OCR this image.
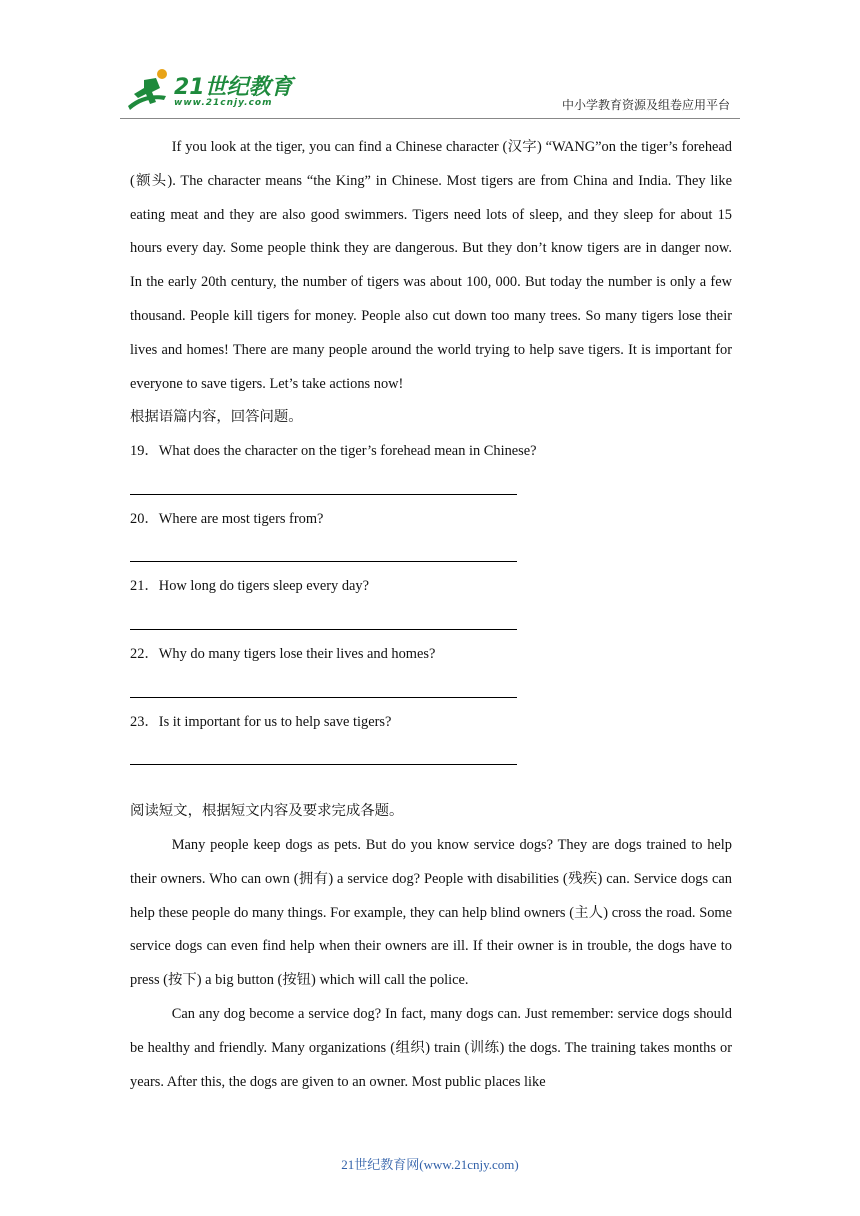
21世纪教育
www.21cnjy.com	中小学教育资源及组卷应用平台

If you look at the tiger, you can find a Chinese character (汉字) “WANG”on the tiger’s forehead (额头). The character means “the King” in Chinese. Most tigers are from China and India. They like eating meat and they are also good swimmers. Tigers need lots of sleep, and they sleep for about 15 hours every day. Some people think they are dangerous. But they don’t know tigers are in danger now. In the early 20th century, the number of tigers was about 100, 000. But today the number is only a few thousand. People kill tigers for money. People also cut down too many trees. So many tigers lose their lives and homes! There are many people around the world trying to help save tigers. It is important for everyone to save tigers. Let’s take actions now!

根据语篇内容，回答问题。
19．What does the character on the tiger’s forehead mean in Chinese?
20．Where are most tigers from?
21．How long do tigers sleep every day?
22．Why do many tigers lose their lives and homes?
23．Is it important for us to help save tigers?
阅读短文，根据短文内容及要求完成各题。

Many people keep dogs as pets. But do you know service dogs? They are dogs trained to help their owners. Who can own (拥有) a service dog? People with disabilities (残疾) can. Service dogs can help these people do many things. For example, they can help blind owners (主人) cross the road. Some service dogs can even find help when their owners are ill. If their owner is in trouble, the dogs have to press (按下) a big button (按钮) which will call the police.

Can any dog become a service dog? In fact, many dogs can. Just remember: service dogs should be healthy and friendly. Many organizations (组织) train (训练) the dogs. The training takes months or years. After this, the dogs are given to an owner. Most public places like

21世纪教育网(www.21cnjy.com)
